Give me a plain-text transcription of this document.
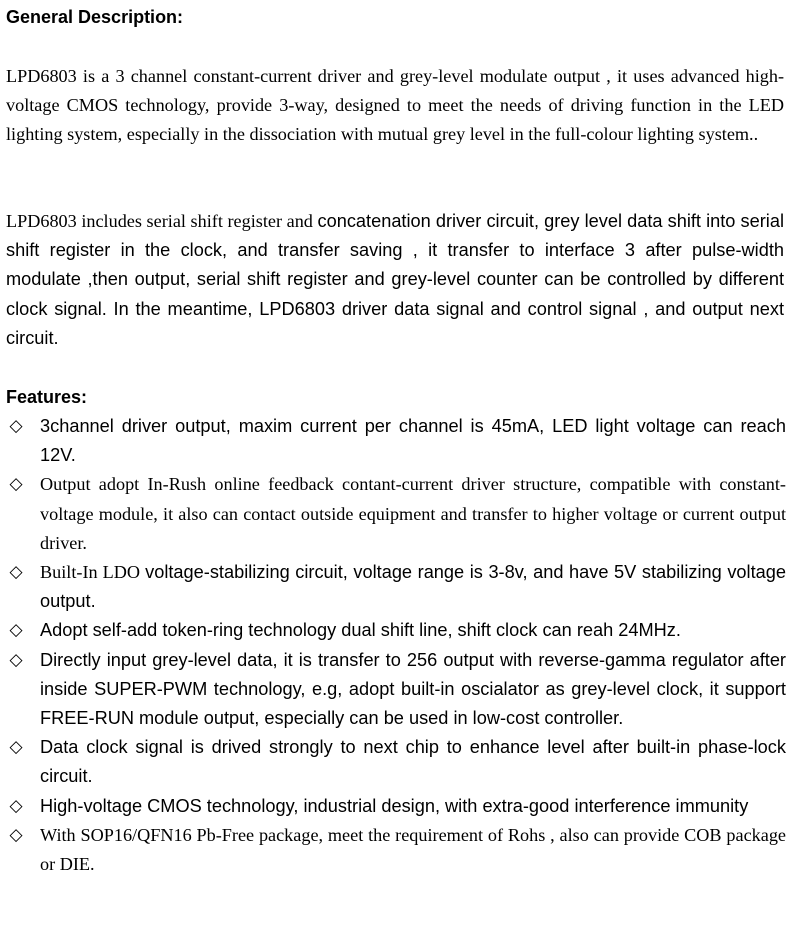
General Description:

LPD6803 is a 3 channel constant-current driver and grey-level modulate output , it uses advanced high-voltage CMOS technology, provide 3-way, designed to meet the needs of driving function in the LED lighting system, especially in the dissociation with mutual grey level in the full-colour lighting system..

LPD6803 includes serial shift register and concatenation driver circuit, grey level data shift into serial shift register in the clock, and transfer saving , it transfer to interface 3 after pulse-width modulate ,then output, serial shift register and grey-level counter can be controlled by different clock signal. In the meantime, LPD6803 driver data signal and control signal , and output next circuit.

Features:
◇ 3channel driver output, maxim current per channel is 45mA, LED light voltage can reach 12V.
◇ Output adopt In-Rush online feedback contant-current driver structure, compatible with constant-voltage module, it also can contact outside equipment and transfer to higher voltage or current output driver.
◇ Built-In LDO voltage-stabilizing circuit, voltage range is 3-8v, and have 5V stabilizing voltage output.
◇ Adopt self-add token-ring technology dual shift line, shift clock can reah 24MHz.
◇ Directly input grey-level data, it is transfer to 256 output with reverse-gamma regulator after inside SUPER-PWM technology, e.g, adopt built-in oscialator as grey-level clock, it support FREE-RUN module output, especially can be used in low-cost controller.
◇ Data clock signal is drived strongly to next chip to enhance level after built-in phase-lock circuit.
◇ High-voltage CMOS technology, industrial design, with extra-good interference immunity
◇ With SOP16/QFN16 Pb-Free package, meet the requirement of Rohs , also can provide COB package or DIE.
